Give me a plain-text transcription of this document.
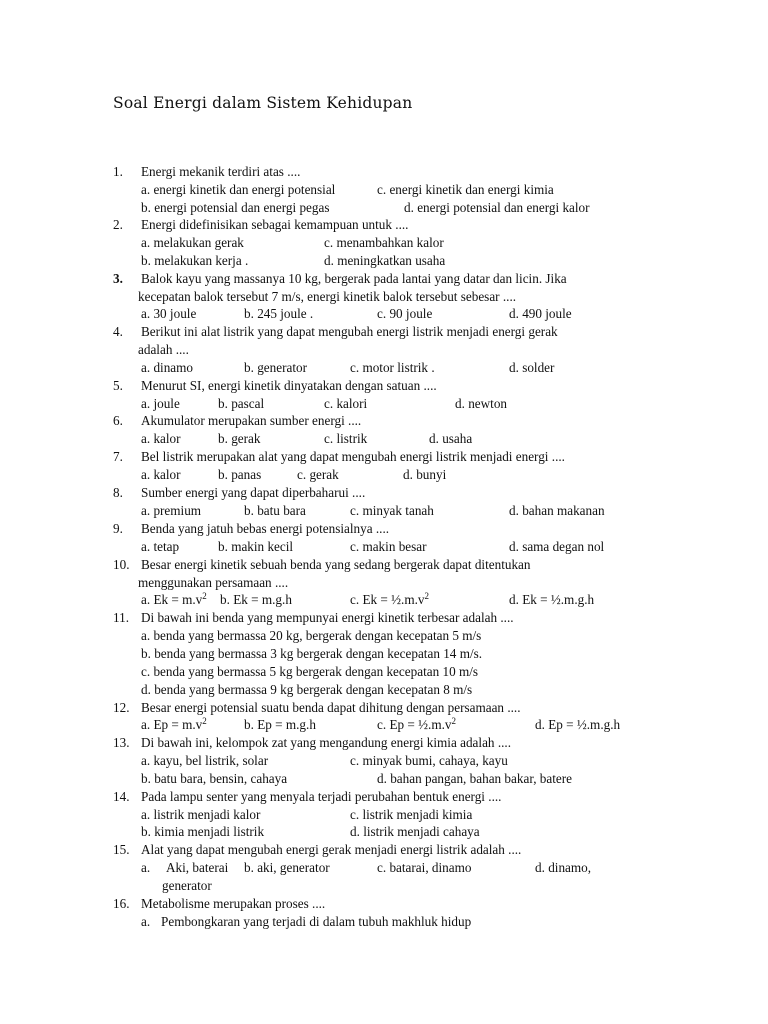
Soal Energi dalam Sistem Kehidupan
1. Energi mekanik terdiri atas ....
a. energi kinetik dan energi potensial	c. energi kinetik dan energi kimia
b. energi potensial dan energi pegas	d. energi potensial dan energi kalor
2. Energi didefinisikan sebagai kemampuan untuk ....
a. melakukan gerak	c. menambahkan kalor
b. melakukan kerja .	d. meningkatkan usaha
3. Balok kayu yang massanya 10 kg, bergerak pada lantai yang datar dan licin. Jika
kecepatan balok tersebut 7 m/s, energi kinetik balok tersebut sebesar ....
a. 30 joule	b. 245 joule .	c. 90 joule	d. 490 joule
4. Berikut ini alat listrik yang dapat mengubah energi listrik menjadi energi gerak
adalah ....
a. dinamo	b. generator	c. motor listrik .	d. solder
5. Menurut SI, energi kinetik dinyatakan dengan satuan ....
a. joule	b. pascal	c. kalori	d. newton
6. Akumulator merupakan sumber energi ....
a. kalor	b. gerak	c. listrik	d. usaha
7. Bel listrik merupakan alat yang dapat mengubah energi listrik menjadi energi ....
a. kalor	b. panas	c. gerak	d. bunyi
8. Sumber energi yang dapat diperbaharui ....
a. premium	b. batu bara	c. minyak tanah	d. bahan makanan
9. Benda yang jatuh bebas energi potensialnya ....
a. tetap	b. makin kecil	c. makin besar	d. sama degan nol
10. Besar energi kinetik sebuah benda yang sedang bergerak dapat ditentukan
menggunakan persamaan ....
a. $Ek = m.v^2$ b. Ek = m.g.h	c. $Ek = \frac{1}{2}.m.v^2$	d. Ek = ½.m.g.h
11. Di bawah ini benda yang mempunyai energi kinetik terbesar adalah ....
a. benda yang bermassa 20 kg, bergerak dengan kecepatan 5 m/s
b. benda yang bermassa 3 kg bergerak dengan kecepatan 14 m/s.
c. benda yang bermassa 5 kg bergerak dengan kecepatan 10 m/s
d. benda yang bermassa 9 kg bergerak dengan kecepatan 8 m/s
12. Besar energi potensial suatu benda dapat dihitung dengan persamaan ....
a. $Ep = m.v^2$	b. Ep = m.g.h	c. $Ep = \frac{1}{2}.m.v^2$	d. Ep = ½.m.g.h
13. Di bawah ini, kelompok zat yang mengandung energi kimia adalah ....
a. kayu, bel listrik, solar	c. minyak bumi, cahaya, kayu
b. batu bara, bensin, cahaya	d. bahan pangan, bahan bakar, batere
14. Pada lampu senter yang menyala terjadi perubahan bentuk energi ....
a. listrik menjadi kalor	c. listrik menjadi kimia
b. kimia menjadi listrik	d. listrik menjadi cahaya
15. Alat yang dapat mengubah energi gerak menjadi energi listrik adalah ....
a. Aki, baterai b. aki, generator	c. batarai, dinamo	d. dinamo,
generator
16. Metabolisme merupakan proses ....
a. Pembongkaran yang terjadi di dalam tubuh makhluk hidup
